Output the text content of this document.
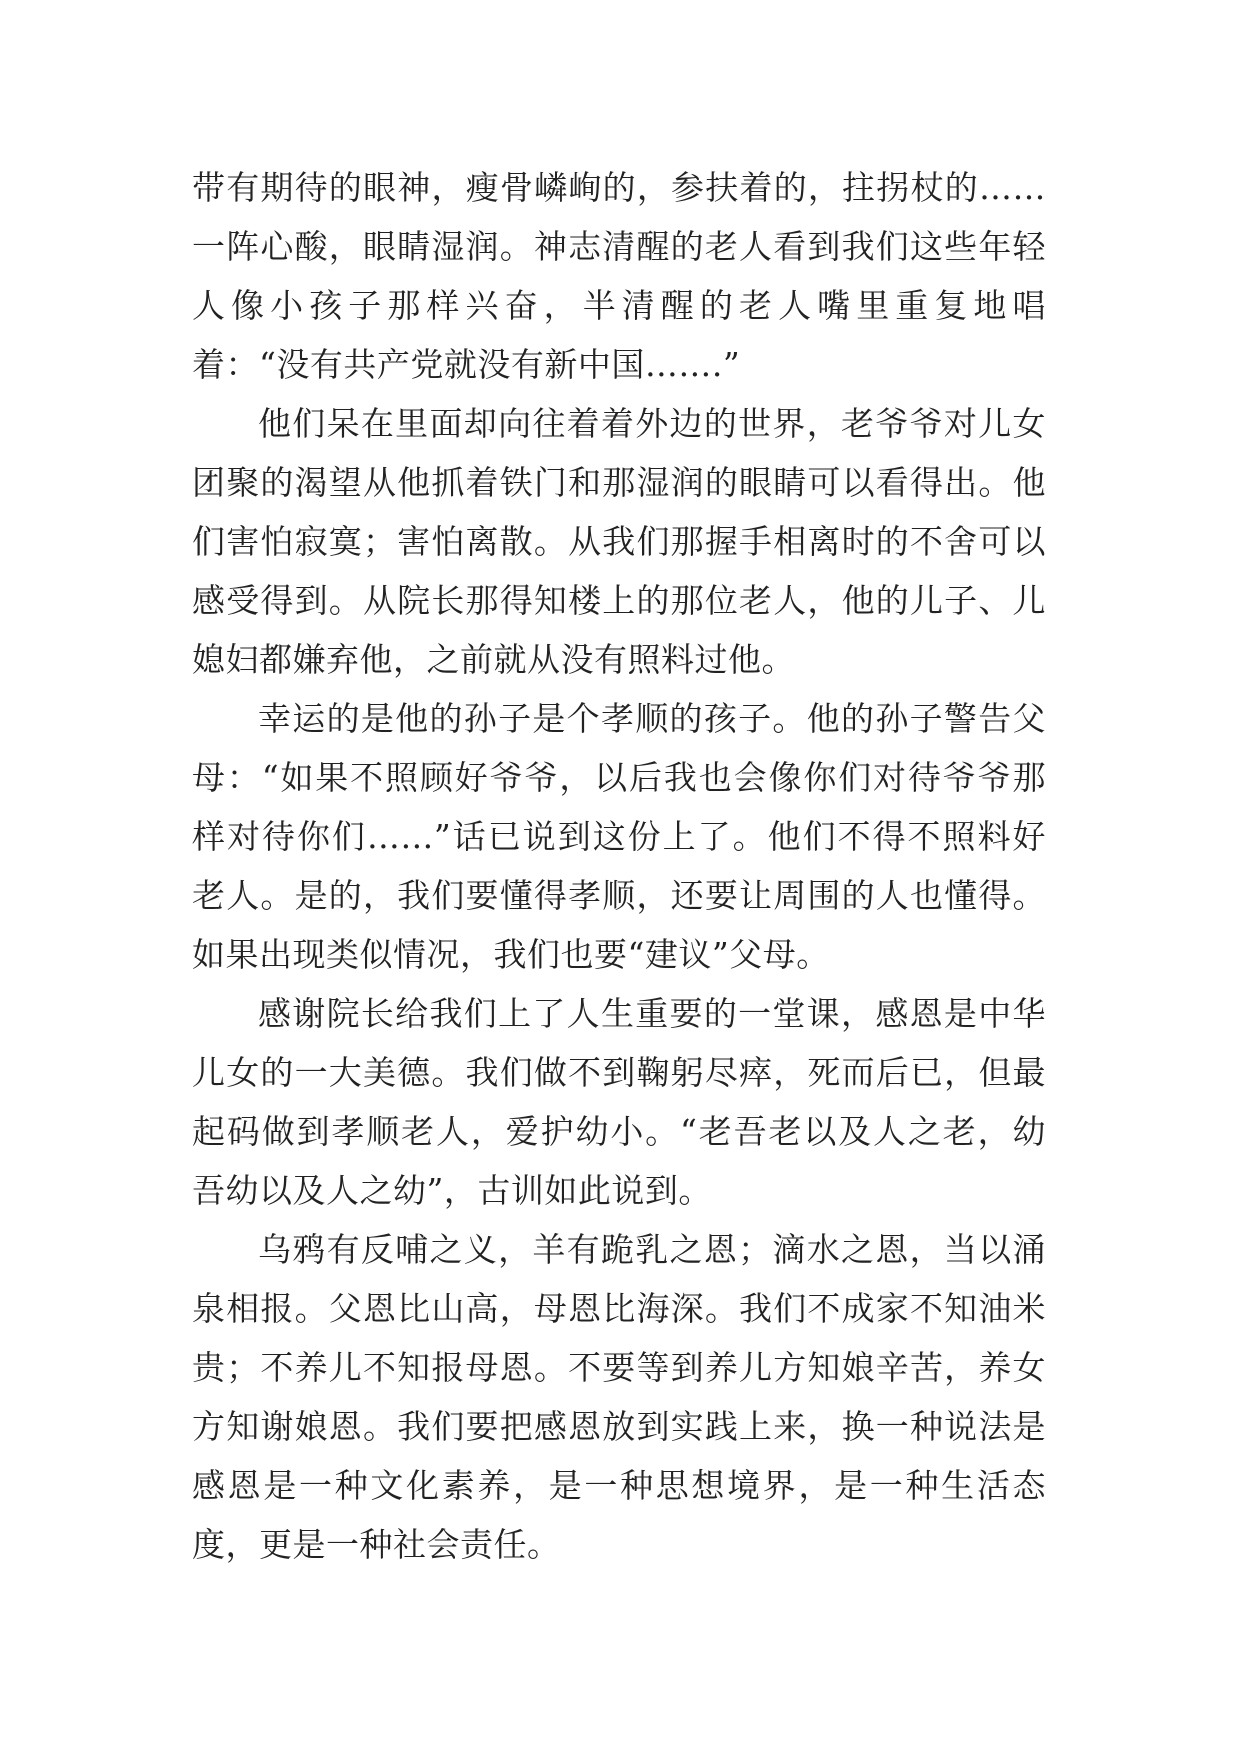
带有期待的眼神，瘦骨嶙峋的，参扶着的，拄拐杖的……一阵心酸，眼睛湿润。神志清醒的老人看到我们这些年轻人像小孩子那样兴奋，半清醒的老人嘴里重复地唱着：“没有共产党就没有新中国…….”

他们呆在里面却向往着着外边的世界，老爷爷对儿女团聚的渴望从他抓着铁门和那湿润的眼睛可以看得出。他们害怕寂寞；害怕离散。从我们那握手相离时的不舍可以感受得到。从院长那得知楼上的那位老人，他的儿子、儿媳妇都嫌弃他，之前就从没有照料过他。

幸运的是他的孙子是个孝顺的孩子。他的孙子警告父母：“如果不照顾好爷爷，以后我也会像你们对待爷爷那样对待你们……”话已说到这份上了。他们不得不照料好老人。是的，我们要懂得孝顺，还要让周围的人也懂得。如果出现类似情况，我们也要“建议”父母。

感谢院长给我们上了人生重要的一堂课，感恩是中华儿女的一大美德。我们做不到鞠躬尽瘁，死而后已，但最起码做到孝顺老人，爱护幼小。“老吾老以及人之老，幼吾幼以及人之幼”，古训如此说到。

乌鸦有反哺之义，羊有跪乳之恩；滴水之恩，当以涌泉相报。父恩比山高，母恩比海深。我们不成家不知油米贵；不养儿不知报母恩。不要等到养儿方知娘辛苦，养女方知谢娘恩。我们要把感恩放到实践上来，换一种说法是感恩是一种文化素养，是一种思想境界，是一种生活态度，更是一种社会责任。
